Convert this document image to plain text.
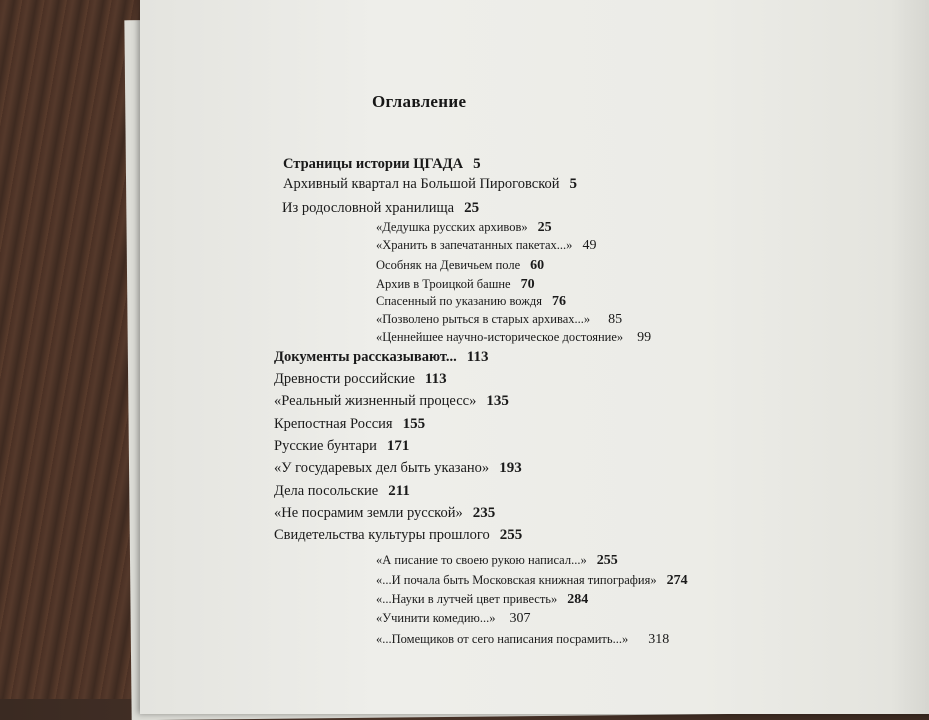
Оглавление
Страницы истории ЦГАДА 5
Архивный квартал на Большой Пироговской 5
Из родословной хранилища 25
«Дедушка русских архивов» 25
«Хранить в запечатанных пакетах...» 49
Особняк на Девичьем поле 60
Архив в Троицкой башне 70
Спасенный по указанию вождя 76
«Позволено рыться в старых архивах...» 85
«Ценнейшее научно-историческое достояние» 99
Документы рассказывают... 113
Древности российские 113
«Реальный жизненный процесс» 135
Крепостная Россия 155
Русские бунтари 171
«У государевых дел быть указано» 193
Дела посольские 211
«Не посрамим земли русской» 235
Свидетельства культуры прошлого 255
«А писание то своею рукою написал...» 255
«...И почала быть Московская книжная типография» 274
«...Науки в лутчей цвет привесть» 284
«Учинити комедию...» 307
«...Помещиков от сего написания посрамить...» 318
